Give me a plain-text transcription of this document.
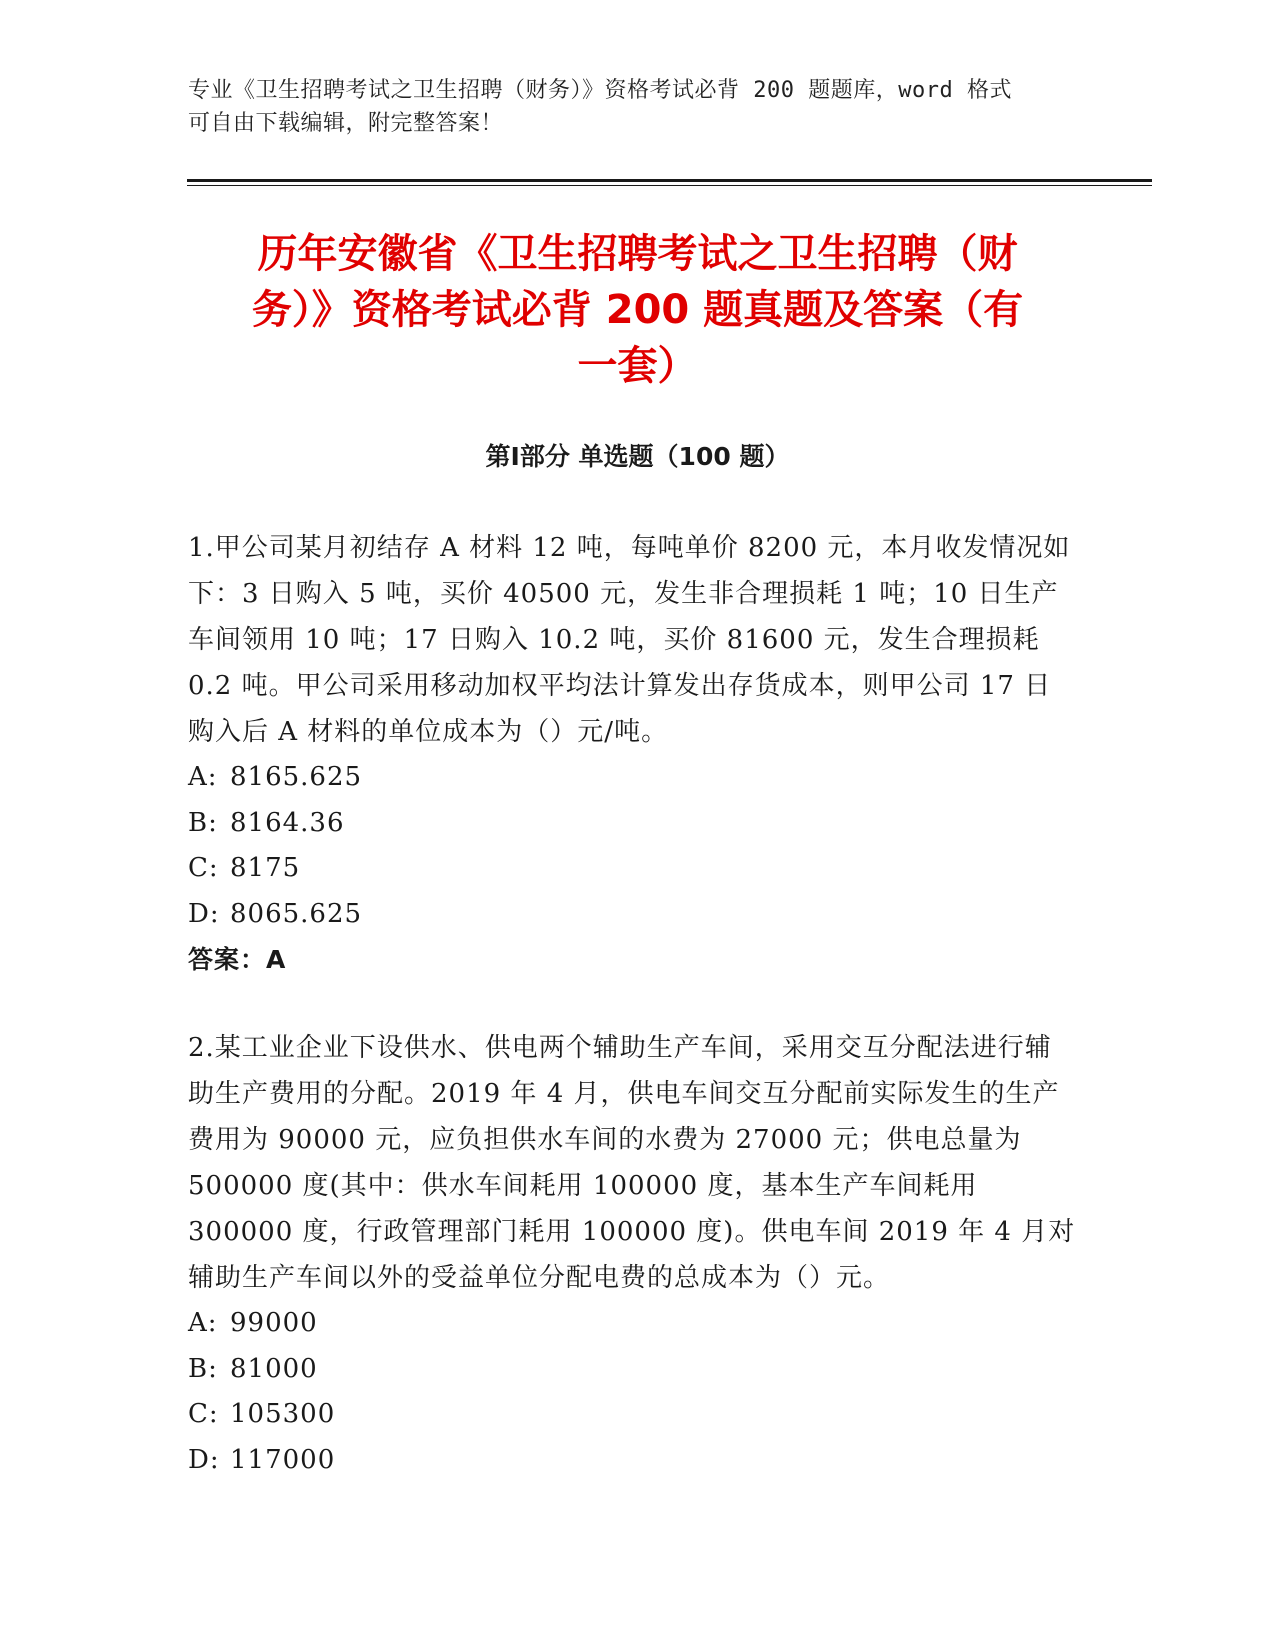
专业《卫生招聘考试之卫生招聘（财务）》资格考试必背 200 题题库，word 格式
可自由下载编辑，附完整答案！
历年安徽省《卫生招聘考试之卫生招聘（财
务）》资格考试必背 200 题真题及答案（有
一套）
第Ⅰ部分 单选题（100 题）

1.甲公司某月初结存 A 材料 12 吨，每吨单价 8200 元，本月收发情况如下：3 日购入 5 吨，买价 40500 元，发生非合理损耗 1 吨；10 日生产车间领用 10 吨；17 日购入 10.2 吨，买价 81600 元，发生合理损耗 0.2 吨。甲公司采用移动加权平均法计算发出存货成本，则甲公司 17 日购入后 A 材料的单位成本为（）元/吨。

A: 8165.625

B: 8164.36

C: 8175

D: 8065.625

答案：A

2.某工业企业下设供水、供电两个辅助生产车间，采用交互分配法进行辅助生产费用的分配。2019 年 4 月，供电车间交互分配前实际发生的生产费用为 90000 元，应负担供水车间的水费为 27000 元；供电总量为 500000 度(其中：供水车间耗用 100000 度，基本生产车间耗用 300000 度，行政管理部门耗用 100000 度)。供电车间 2019 年 4 月对辅助生产车间以外的受益单位分配电费的总成本为（）元。

A: 99000

B: 81000

C: 105300

D: 117000
